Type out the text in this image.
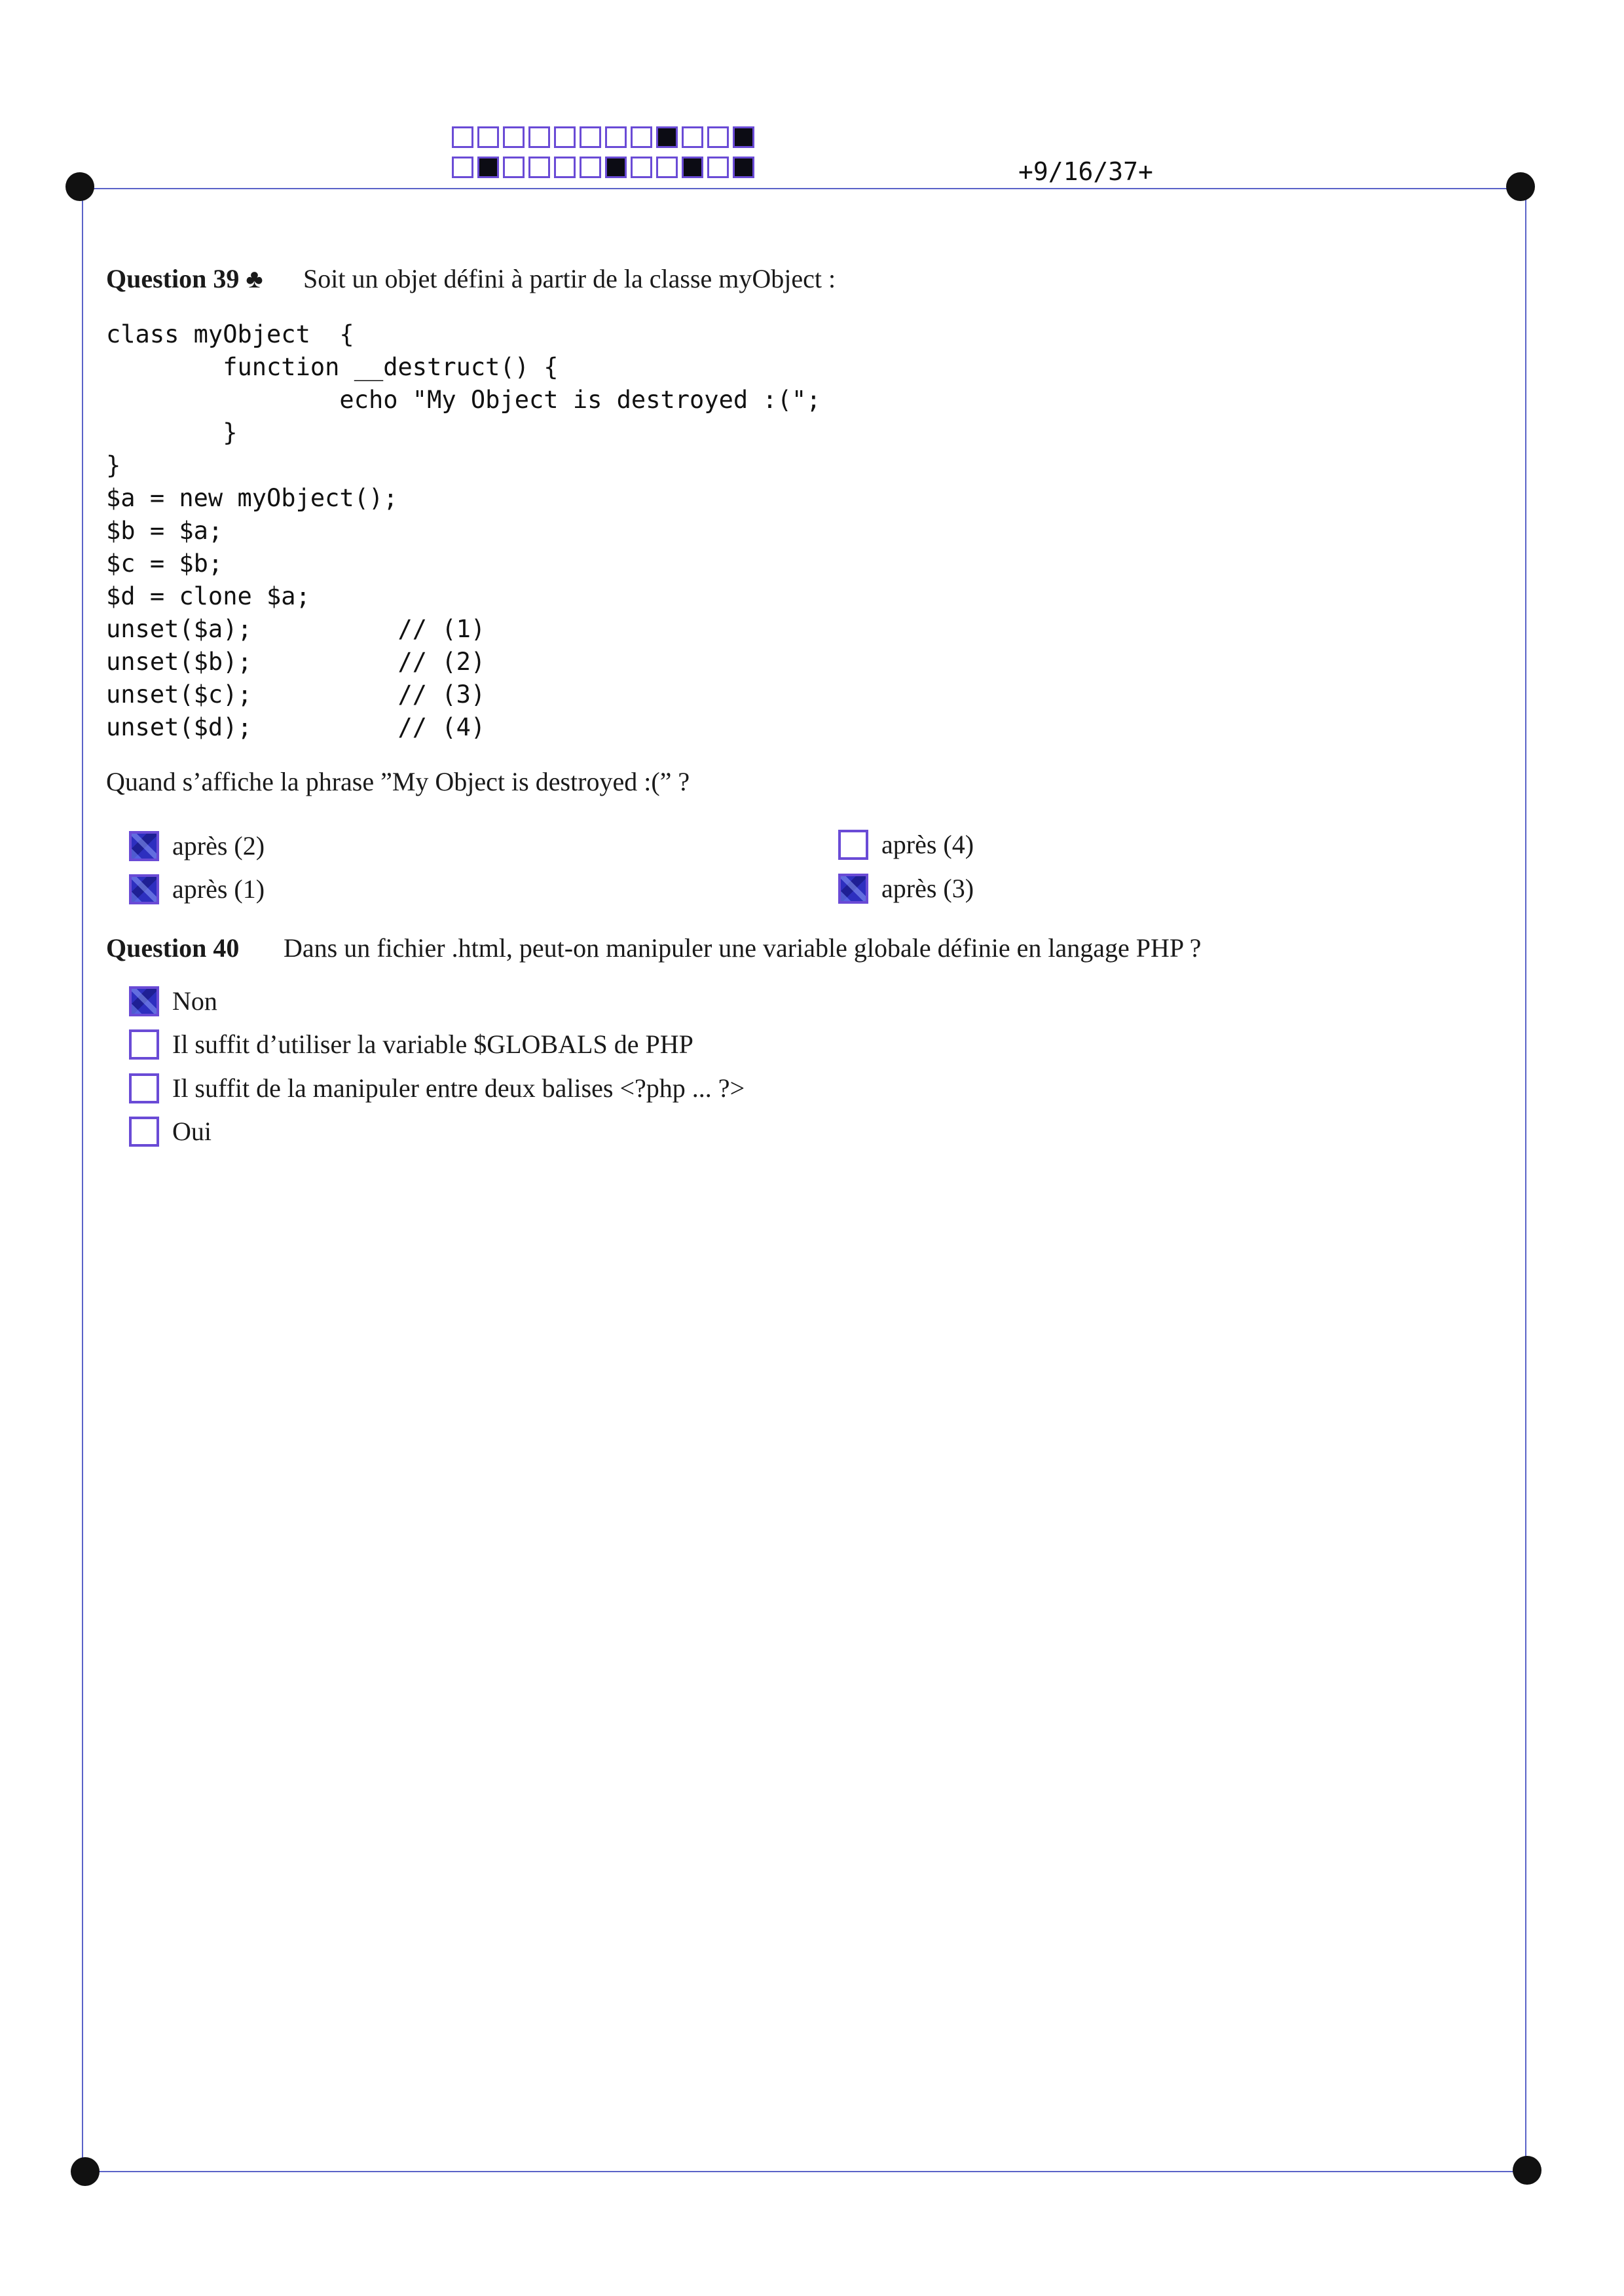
+9/16/37+
Question 39 ♣ Soit un objet défini à partir de la classe myObject :
class myObject  {
function __destruct() {
echo "My Object is destroyed :(";
}
}
$a = new myObject();
$b = $a;
$c = $b;
$d = clone $a;
unset($a);          // (1)
unset($b);          // (2)
unset($c);          // (3)
unset($d);          // (4)
Quand s’affiche la phrase ”My Object is destroyed :(” ?
après (2)	après (4)
après (1)	après (3)
Question 40 Dans un fichier .html, peut-on manipuler une variable globale définie en langage PHP ?
Non
Il suffit d’utiliser la variable $GLOBALS de PHP
Il suffit de la manipuler entre deux balises <?php ... ?>
Oui
